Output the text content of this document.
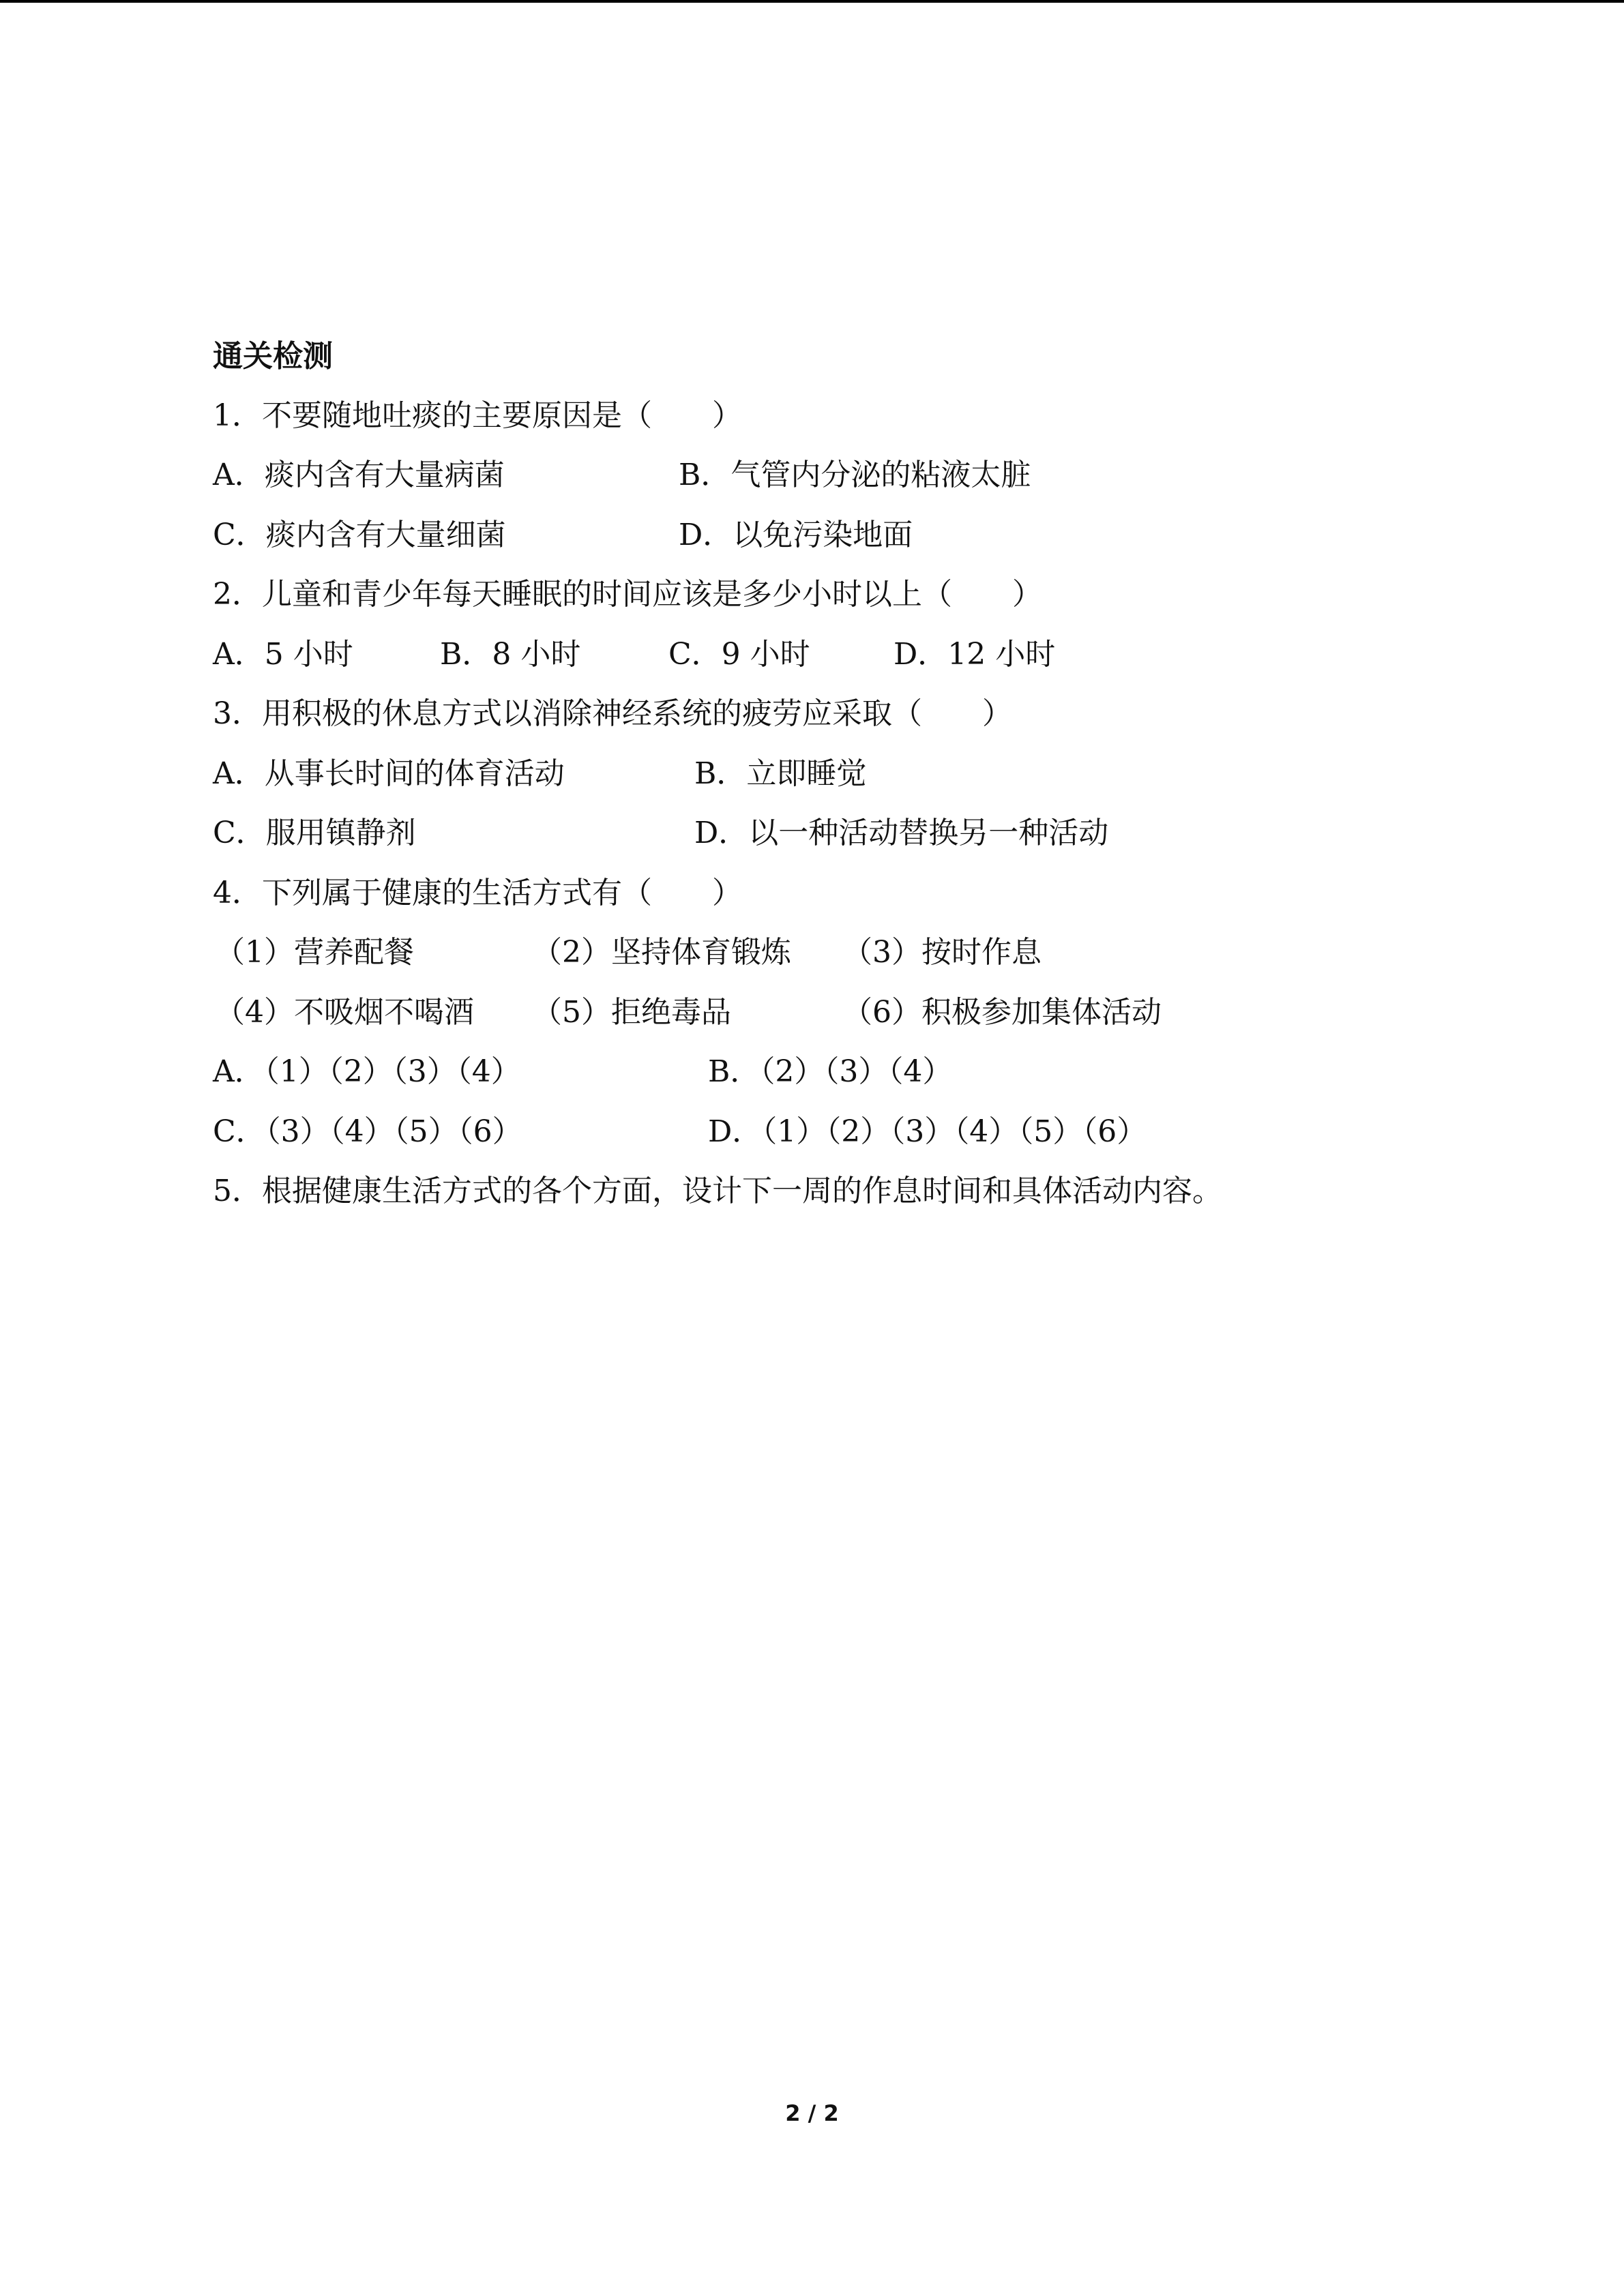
通关检测
1．不要随地吐痰的主要原因是（　　）
A．痰内含有大量病菌	B．气管内分泌的粘液太脏
C．痰内含有大量细菌	D．以免污染地面
2．儿童和青少年每天睡眠的时间应该是多少小时以上（　　）
A．5 小时	B．8 小时	C．9 小时	D．12 小时
3．用积极的休息方式以消除神经系统的疲劳应采取（　　）
A．从事长时间的体育活动	B．立即睡觉
C．服用镇静剂	D．以一种活动替换另一种活动
4．下列属于健康的生活方式有（　　）
（1）营养配餐	（2）坚持体育锻炼 （3）按时作息
（4）不吸烟不喝酒 （5）拒绝毒品	（6）积极参加集体活动
A．（1）（2）（3）（4）	B．（2）（3）（4）
C．（3）（4）（5）（6）	D．（1）（2）（3）（4）（5）（6）
5．根据健康生活方式的各个方面，设计下一周的作息时间和具体活动内容。
2 / 2
